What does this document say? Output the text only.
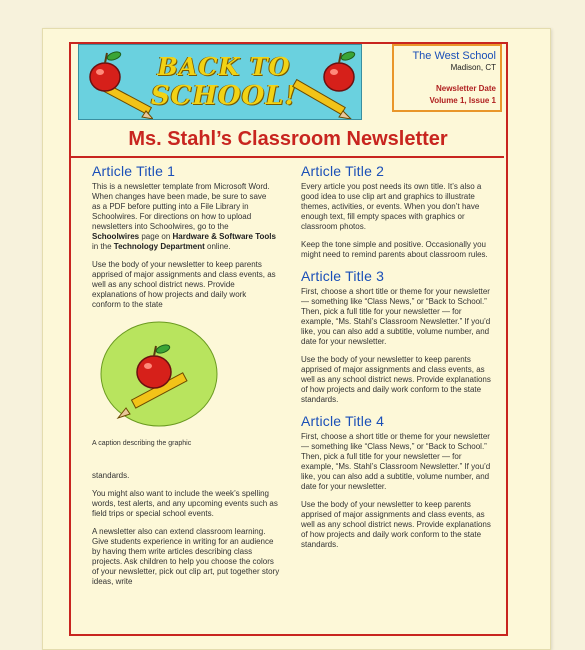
BACK TO
SCHOOL!
The West School
Madison, CT
Newsletter Date
Volume 1, Issue 1
Ms. Stahl’s Classroom Newsletter
Article Title 1

This is a newsletter template from Microsoft Word. When changes have been made, be sure to save as a PDF before putting into a File Library in Schoolwires. For directions on how to upload newsletters into Schoolwires, go to the Schoolwires page on Hardware & Software Tools in the Technology Department online.

Use the body of your newsletter to keep parents apprised of major assignments and class events, as well as any school district news. Provide explanations of how projects and daily work conform to the state

A caption describing the graphic

standards.

You might also want to include the week’s spelling words, test alerts, and any upcoming events such as field trips or special school events.

A newsletter also can extend classroom learning. Give students experience in writing for an audience by having them write articles describing class projects. Ask children to help you choose the colors of your newsletter, pick out clip art, put together story ideas, write

Article Title 2

Every article you post needs its own title. It’s also a good idea to use clip art and graphics to illustrate themes, activities, or events. When you don’t have enough text, fill empty spaces with graphics or classroom photos.

Keep the tone simple and positive. Occasionally you might need to remind parents about classroom rules.

Article Title 3

First, choose a short title or theme for your newsletter — something like “Class News,” or “Back to School.” Then, pick a full title for your newsletter — for example, “Ms. Stahl’s Classroom Newsletter.” If you’d like, you can also add a subtitle, volume number, and date for your newsletter.

Use the body of your newsletter to keep parents apprised of major assignments and class events, as well as any school district news. Provide explanations of how projects and daily work conform to the state standards.

Article Title 4

First, choose a short title or theme for your newsletter — something like “Class News,” or “Back to School.” Then, pick a full title for your newsletter — for example, “Ms. Stahl’s Classroom Newsletter.” If you’d like, you can also add a subtitle, volume number, and date for your newsletter.

Use the body of your newsletter to keep parents apprised of major assignments and class events, as well as any school district news. Provide explanations of how projects and daily work conform to the state standards.
